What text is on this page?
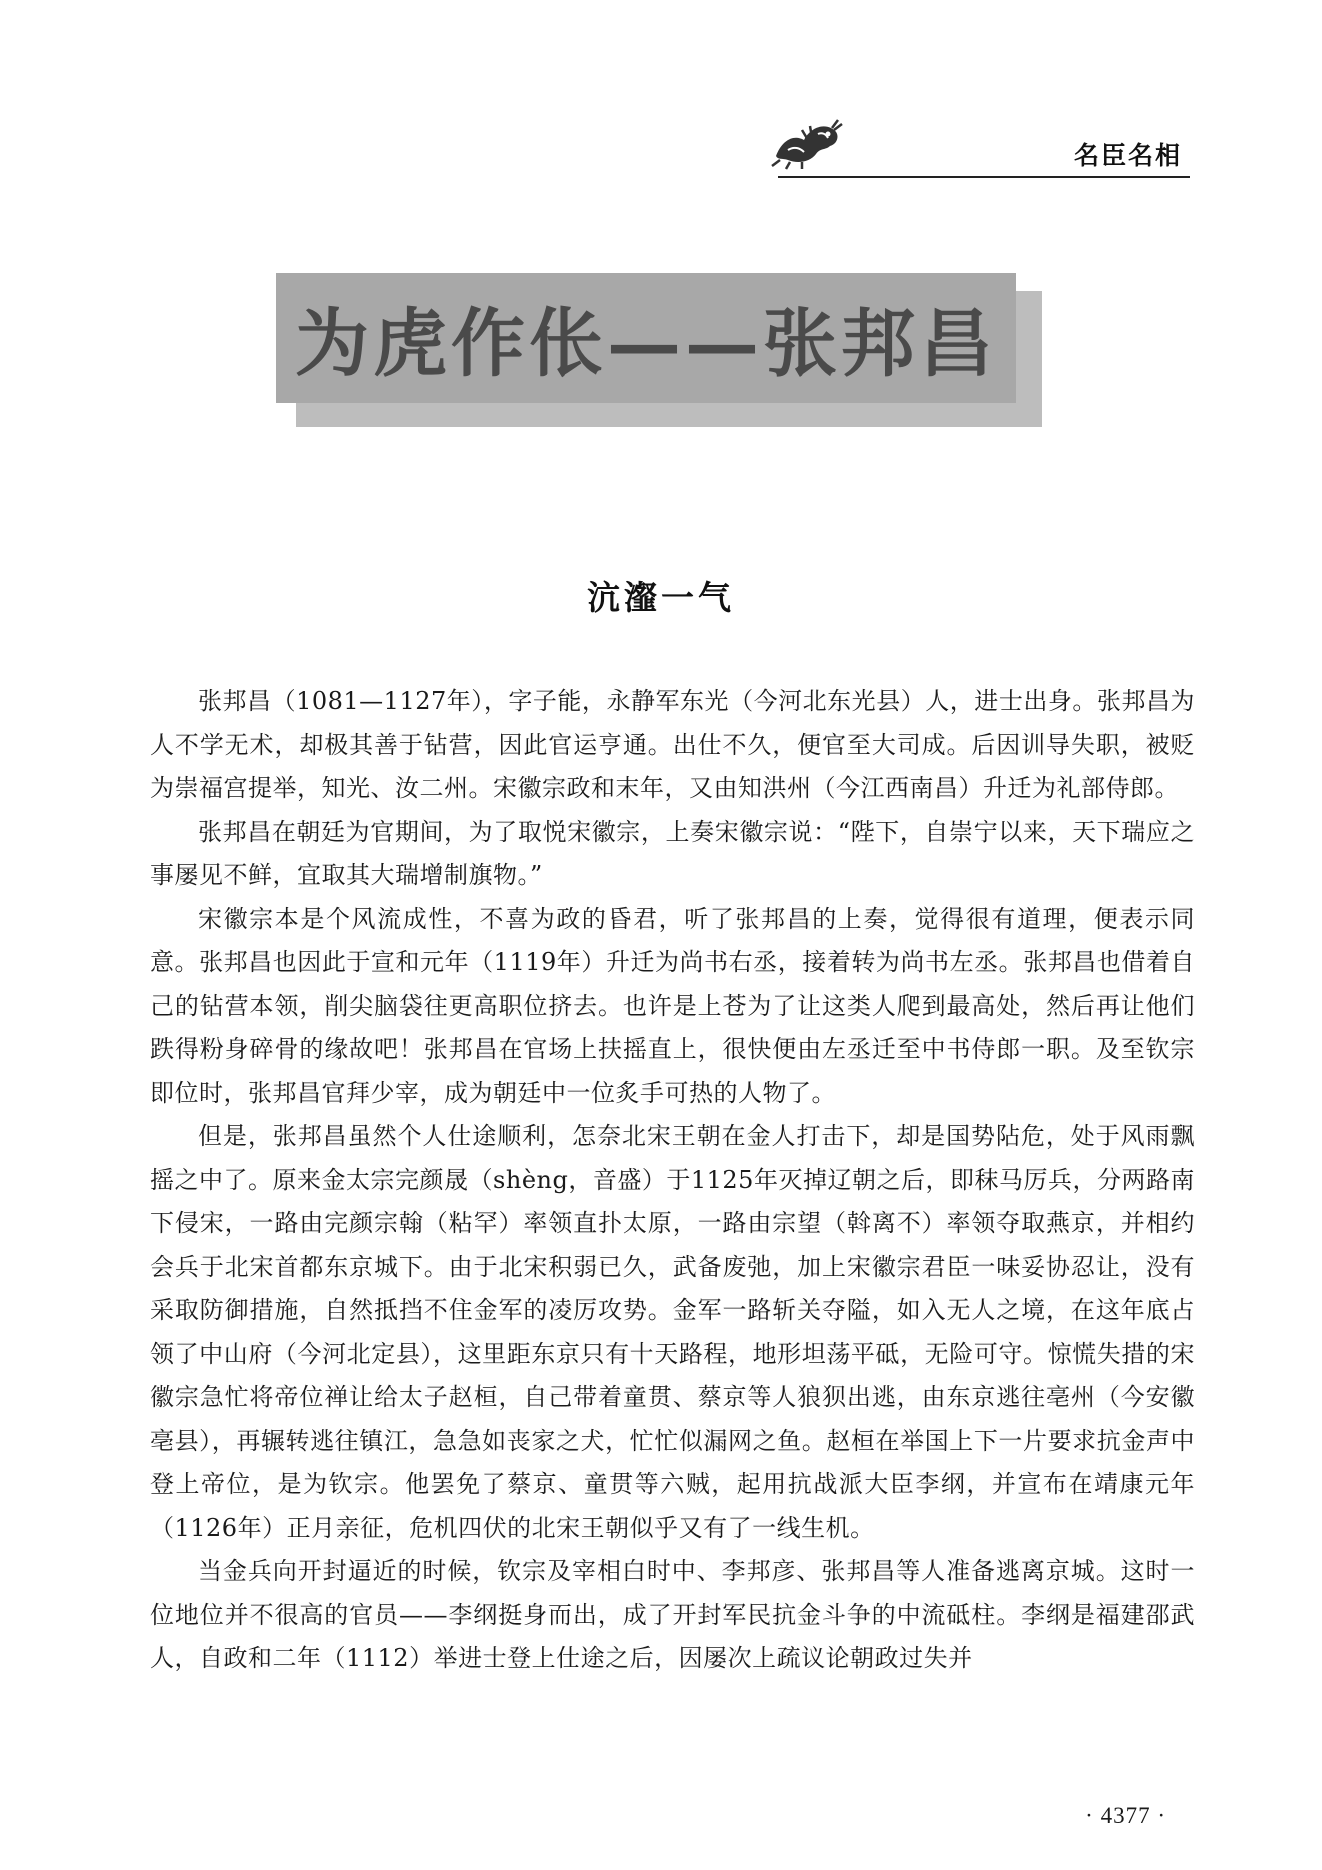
名臣名相
为虎作伥——张邦昌
沆瀣一气

张邦昌（1081—1127年），字子能，永静军东光（今河北东光县）人，进士出身。张邦昌为人不学无术，却极其善于钻营，因此官运亨通。出仕不久，便官至大司成。后因训导失职，被贬为崇福宫提举，知光、汝二州。宋徽宗政和末年，又由知洪州（今江西南昌）升迁为礼部侍郎。

张邦昌在朝廷为官期间，为了取悦宋徽宗，上奏宋徽宗说：“陛下，自崇宁以来，天下瑞应之事屡见不鲜，宜取其大瑞增制旗物。”

宋徽宗本是个风流成性，不喜为政的昏君，听了张邦昌的上奏，觉得很有道理，便表示同意。张邦昌也因此于宣和元年（1119年）升迁为尚书右丞，接着转为尚书左丞。张邦昌也借着自己的钻营本领，削尖脑袋往更高职位挤去。也许是上苍为了让这类人爬到最高处，然后再让他们跌得粉身碎骨的缘故吧！张邦昌在官场上扶摇直上，很快便由左丞迁至中书侍郎一职。及至钦宗即位时，张邦昌官拜少宰，成为朝廷中一位炙手可热的人物了。

但是，张邦昌虽然个人仕途顺利，怎奈北宋王朝在金人打击下，却是国势阽危，处于风雨飘摇之中了。原来金太宗完颜晟（shèng，音盛）于1125年灭掉辽朝之后，即秣马厉兵，分两路南下侵宋，一路由完颜宗翰（粘罕）率领直扑太原，一路由宗望（斡离不）率领夺取燕京，并相约会兵于北宋首都东京城下。由于北宋积弱已久，武备废弛，加上宋徽宗君臣一味妥协忍让，没有采取防御措施，自然抵挡不住金军的凌厉攻势。金军一路斩关夺隘，如入无人之境，在这年底占领了中山府（今河北定县），这里距东京只有十天路程，地形坦荡平砥，无险可守。惊慌失措的宋徽宗急忙将帝位禅让给太子赵桓，自己带着童贯、蔡京等人狼狈出逃，由东京逃往亳州（今安徽亳县），再辗转逃往镇江，急急如丧家之犬，忙忙似漏网之鱼。赵桓在举国上下一片要求抗金声中登上帝位，是为钦宗。他罢免了蔡京、童贯等六贼，起用抗战派大臣李纲，并宣布在靖康元年（1126年）正月亲征，危机四伏的北宋王朝似乎又有了一线生机。

当金兵向开封逼近的时候，钦宗及宰相白时中、李邦彦、张邦昌等人准备逃离京城。这时一位地位并不很高的官员——李纲挺身而出，成了开封军民抗金斗争的中流砥柱。李纲是福建邵武人，自政和二年（1112）举进士登上仕途之后，因屡次上疏议论朝政过失并

· 4377 ·
